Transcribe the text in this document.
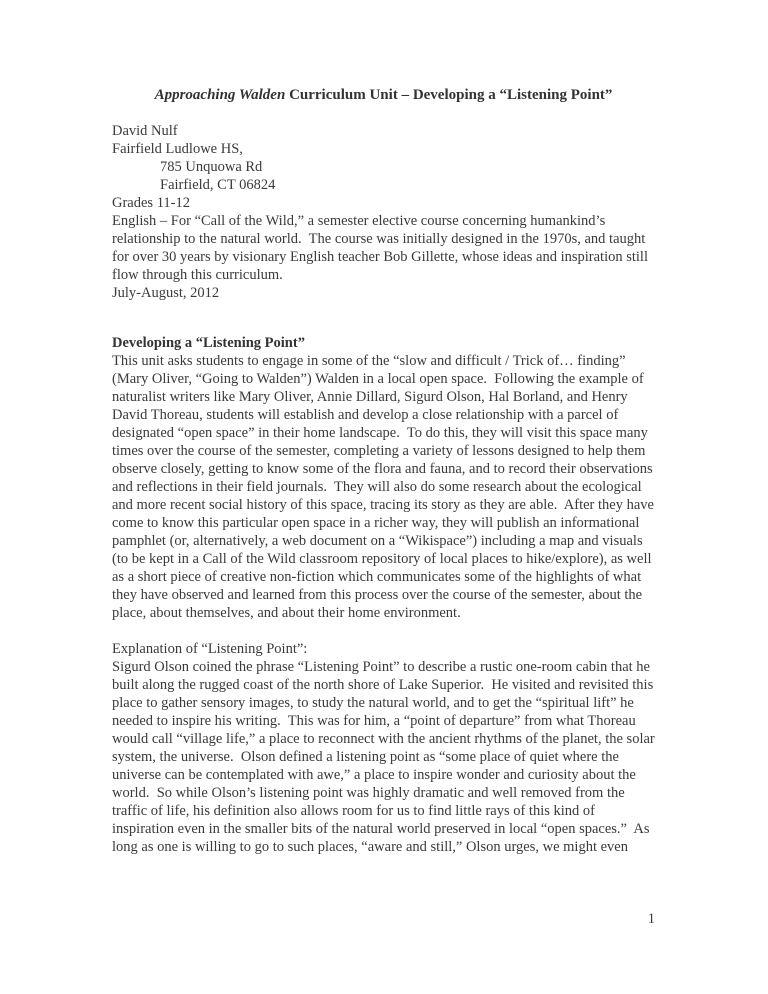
Approaching Walden Curriculum Unit – Developing a “Listening Point”

David Nulf

Fairfield Ludlowe HS,

785 Unquowa Rd

Fairfield, CT 06824

Grades 11-12

English – For “Call of the Wild,” a semester elective course concerning humankind’s relationship to the natural world.  The course was initially designed in the 1970s, and taught for over 30 years by visionary English teacher Bob Gillette, whose ideas and inspiration still flow through this curriculum.

July-August, 2012

Developing a “Listening Point”

This unit asks students to engage in some of the “slow and difficult / Trick of… finding” (Mary Oliver, “Going to Walden”) Walden in a local open space.  Following the example of naturalist writers like Mary Oliver, Annie Dillard, Sigurd Olson, Hal Borland, and Henry David Thoreau, students will establish and develop a close relationship with a parcel of designated “open space” in their home landscape.  To do this, they will visit this space many times over the course of the semester, completing a variety of lessons designed to help them observe closely, getting to know some of the flora and fauna, and to record their observations and reflections in their field journals.  They will also do some research about the ecological and more recent social history of this space, tracing its story as they are able.  After they have come to know this particular open space in a richer way, they will publish an informational pamphlet (or, alternatively, a web document on a “Wikispace”) including a map and visuals (to be kept in a Call of the Wild classroom repository of local places to hike/explore), as well as a short piece of creative non-fiction which communicates some of the highlights of what they have observed and learned from this process over the course of the semester, about the place, about themselves, and about their home environment.

Explanation of “Listening Point”:

Sigurd Olson coined the phrase “Listening Point” to describe a rustic one-room cabin that he built along the rugged coast of the north shore of Lake Superior.  He visited and revisited this place to gather sensory images, to study the natural world, and to get the “spiritual lift” he needed to inspire his writing.  This was for him, a “point of departure” from what Thoreau would call “village life,” a place to reconnect with the ancient rhythms of the planet, the solar system, the universe.  Olson defined a listening point as “some place of quiet where the universe can be contemplated with awe,” a place to inspire wonder and curiosity about the world.  So while Olson’s listening point was highly dramatic and well removed from the traffic of life, his definition also allows room for us to find little rays of this kind of inspiration even in the smaller bits of the natural world preserved in local “open spaces.”  As long as one is willing to go to such places, “aware and still,” Olson urges, we might even

1
